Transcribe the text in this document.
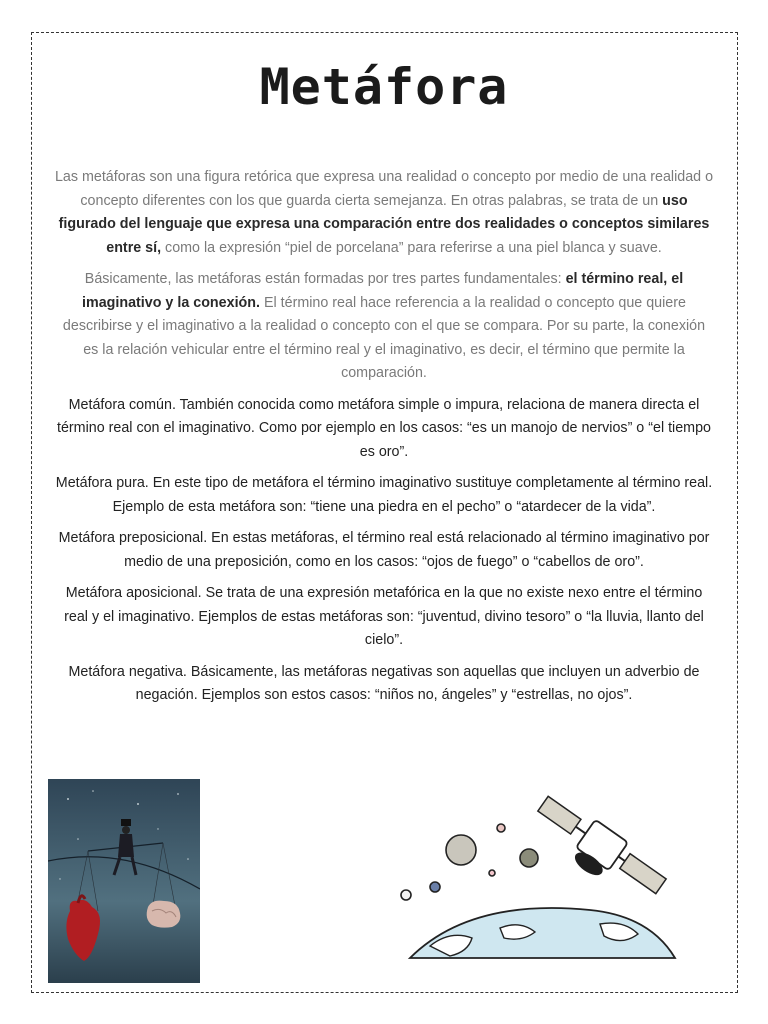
Metáfora

Las metáforas son una figura retórica que expresa una realidad o concepto por medio de una realidad o concepto diferentes con los que guarda cierta semejanza. En otras palabras, se trata de un uso figurado del lenguaje que expresa una comparación entre dos realidades o conceptos similares entre sí, como la expresión “piel de porcelana” para referirse a una piel blanca y suave.

Básicamente, las metáforas están formadas por tres partes fundamentales: el término real, el imaginativo y la conexión. El término real hace referencia a la realidad o concepto que quiere describirse y el imaginativo a la realidad o concepto con el que se compara. Por su parte, la conexión es la relación vehicular entre el término real y el imaginativo, es decir, el término que permite la comparación.

Metáfora común. También conocida como metáfora simple o impura, relaciona de manera directa el término real con el imaginativo. Como por ejemplo en los casos: “es un manojo de nervios” o “el tiempo es oro”.

Metáfora pura. En este tipo de metáfora el término imaginativo sustituye completamente al término real. Ejemplo de esta metáfora son: “tiene una piedra en el pecho” o “atardecer de la vida”.

Metáfora preposicional. En estas metáforas, el término real está relacionado al término imaginativo por medio de una preposición, como en los casos: “ojos de fuego” o “cabellos de oro”.

Metáfora aposicional. Se trata de una expresión metafórica en la que no existe nexo entre el término real y el imaginativo. Ejemplos de estas metáforas son: “juventud, divino tesoro” o “la lluvia, llanto del cielo”.

Metáfora negativa. Básicamente, las metáforas negativas son aquellas que incluyen un adverbio de negación. Ejemplos son estos casos: “niños no, ángeles” y “estrellas, no ojos”.
